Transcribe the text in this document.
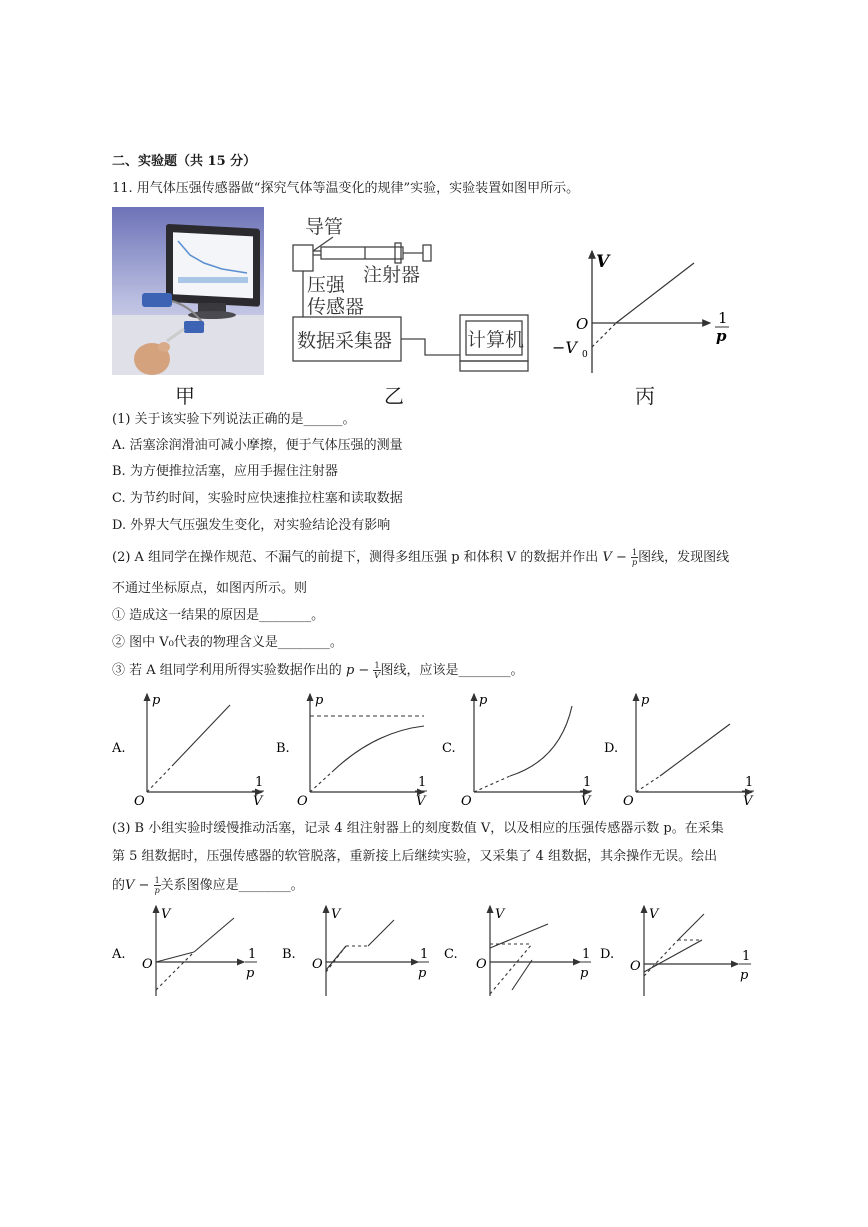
二、实验题（共 15 分）
11. 用气体压强传感器做“探究气体等温变化的规律”实验，实验装置如图甲所示。
导管
注射器
压强
传感器
数据采集器	计算机
V
O
−V 0
1
p
甲	乙	丙
(1) 关于该实验下列说法正确的是______。
A. 活塞涂润滑油可减小摩擦，便于气体压强的测量
B. 为方便推拉活塞，应用手握住注射器
C. 为节约时间，实验时应快速推拉柱塞和读取数据
D. 外界大气压强发生变化，对实验结论没有影响
(2) A 组同学在操作规范、不漏气的前提下，测得多组压强 p 和体积 V 的数据并作出 $V - \frac{1}{p}$ 图线，发现图线
不通过坐标原点，如图丙所示。则
① 造成这一结果的原因是________。
② 图中 V₀代表的物理含义是________。
③ 若 A 组同学利用所得实验数据作出的 $p - \frac{1}{V}$ 图线，应该是________。
A.	B.	C.	D.
p	p	p	p
O	O	O	O
1	1	1	1
V	V	V	V
(3) B 小组实验时缓慢推动活塞，记录 4 组注射器上的刻度数值 V，以及相应的压强传感器示数 p。在采集
第 5 组数据时，压强传感器的软管脱落，重新接上后继续实验，又采集了 4 组数据，其余操作无误。绘出
的$V - \frac{1}{p}$ 关系图像应是________。
A.	B.	C.	D.
V	V	V	V
O	O	O	O
1	1	1	1
p	p	p	p
